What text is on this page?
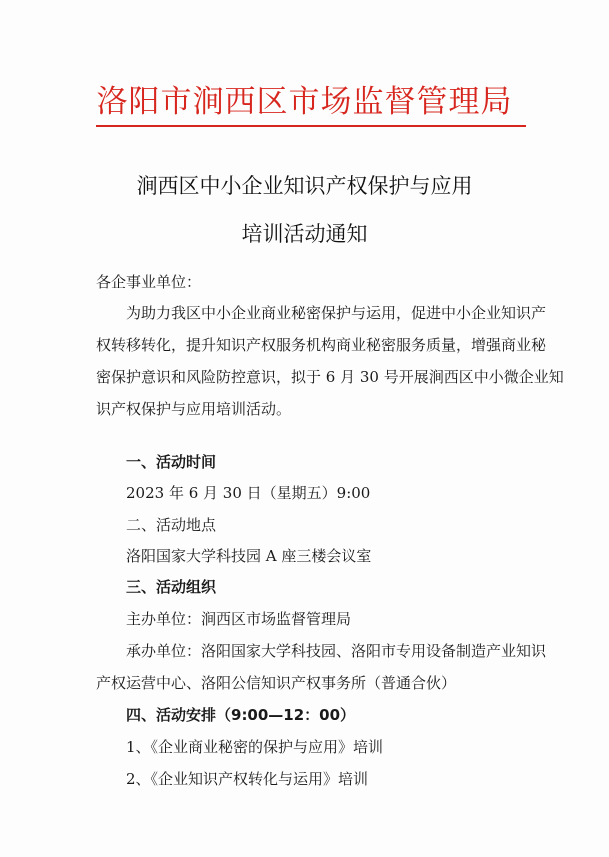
洛阳市涧西区市场监督管理局
涧西区中小企业知识产权保护与应用
培训活动通知
各企事业单位：
为助力我区中小企业商业秘密保护与运用，促进中小企业知识产
权转移转化，提升知识产权服务机构商业秘密服务质量，增强商业秘
密保护意识和风险防控意识，拟于 6 月 30 号开展涧西区中小微企业知
识产权保护与应用培训活动。
一、活动时间
2023 年 6 月 30 日（星期五）9:00
二、活动地点
洛阳国家大学科技园 A 座三楼会议室
三、活动组织
主办单位：涧西区市场监督管理局
承办单位：洛阳国家大学科技园、洛阳市专用设备制造产业知识
产权运营中心、洛阳公信知识产权事务所（普通合伙）
四、活动安排（9:00—12：00）
1、《企业商业秘密的保护与应用》培训
2、《企业知识产权转化与运用》培训
